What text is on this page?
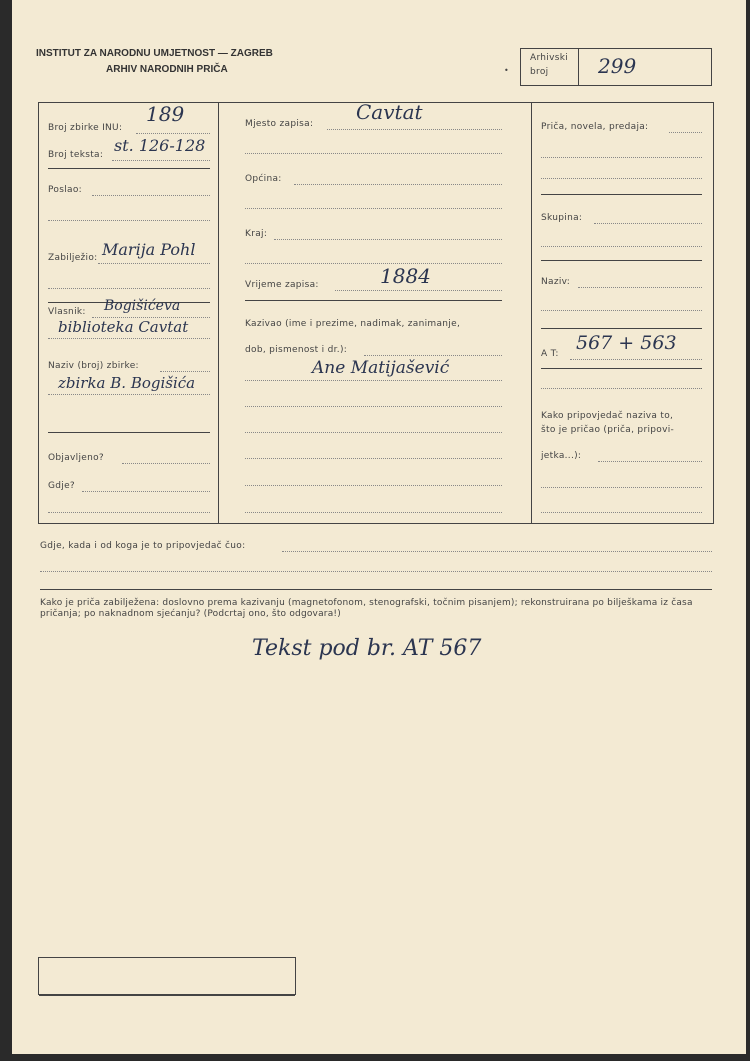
INSTITUT ZA NARODNU UMJETNOST — ZAGREB
ARHIV NARODNIH PRIČA	•
Arhivski
broj 299
Broj zbirke INU:
189
Broj teksta: st. 126-128
Poslao:
Zabilježio: Marija Pohl
Vlasnik: Bogišićeva
biblioteka Cavtat
Naziv (broj) zbirke:
zbirka B. Bogišića
Objavljeno?
Gdje?
Mjesto zapisa: Cavtat
Općina:
Kraj:
Vrijeme zapisa:	1884
Kazivao (ime i prezime, nadimak, zanimanje,
dob, pismenost i dr.):
Ane Matijašević
Priča, novela, predaja:
Skupina:
Naziv:
A T: 567 + 563
Kako pripovjedač naziva to,
što je pričao (priča, pripovi-
jetka...):
Gdje, kada i od koga je to pripovjedač čuo:
Kako je priča zabilježena: doslovno prema kazivanju (magnetofonom, stenografski, točnim pisanjem); rekonstruirana po bilješkama iz časa pričanja; po naknadnom sjećanju? (Podcrtaj ono, što odgovara!)
Tekst pod br. AT 567
